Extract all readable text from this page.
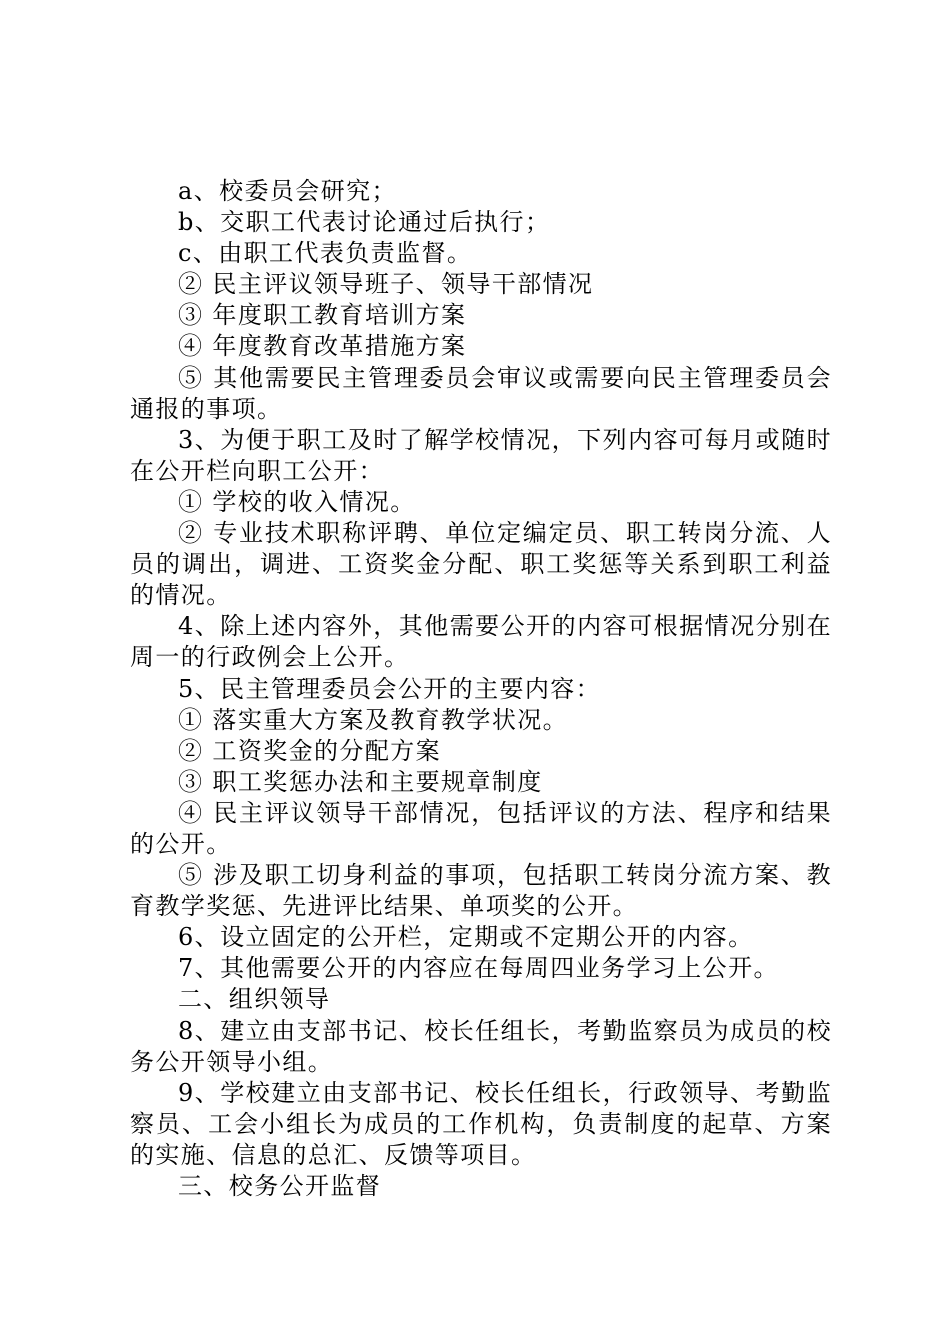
a、校委员会研究；

b、交职工代表讨论通过后执行；

c、由职工代表负责监督。

② 民主评议领导班子、领导干部情况

③ 年度职工教育培训方案

④ 年度教育改革措施方案

⑤ 其他需要民主管理委员会审议或需要向民主管理委员会通报的事项。

3、为便于职工及时了解学校情况，下列内容可每月或随时在公开栏向职工公开：

① 学校的收入情况。

② 专业技术职称评聘、单位定编定员、职工转岗分流、人员的调出，调进、工资奖金分配、职工奖惩等关系到职工利益的情况。

4、除上述内容外，其他需要公开的内容可根据情况分别在周一的行政例会上公开。

5、民主管理委员会公开的主要内容：

① 落实重大方案及教育教学状况。

② 工资奖金的分配方案

③ 职工奖惩办法和主要规章制度

④ 民主评议领导干部情况，包括评议的方法、程序和结果的公开。

⑤ 涉及职工切身利益的事项，包括职工转岗分流方案、教育教学奖惩、先进评比结果、单项奖的公开。

6、设立固定的公开栏，定期或不定期公开的内容。

7、其他需要公开的内容应在每周四业务学习上公开。

二、组织领导

8、建立由支部书记、校长任组长，考勤监察员为成员的校务公开领导小组。

9、学校建立由支部书记、校长任组长，行政领导、考勤监察员、工会小组长为成员的工作机构，负责制度的起草、方案的实施、信息的总汇、反馈等项目。

三、校务公开监督
